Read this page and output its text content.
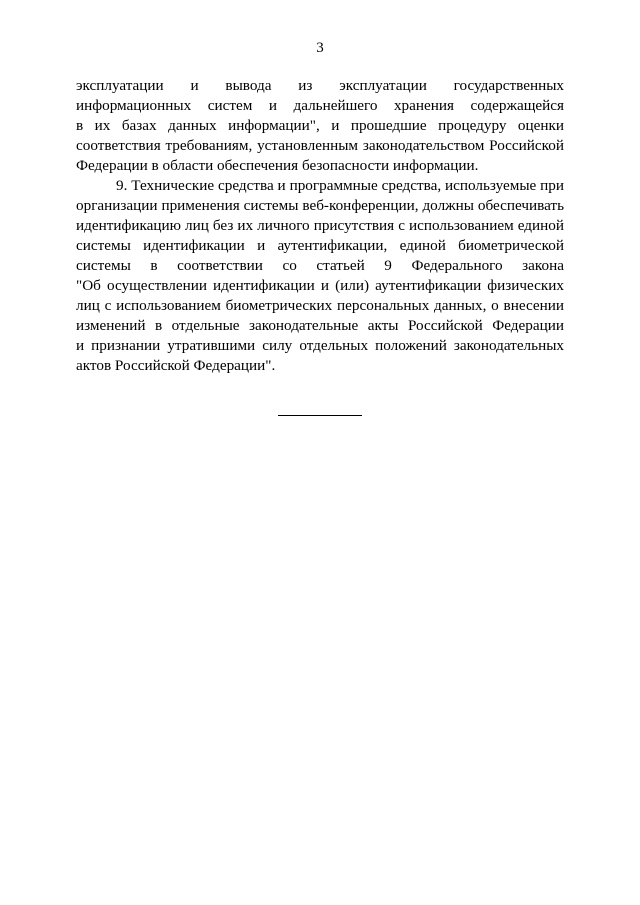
3
эксплуатации и вывода из эксплуатации государственных
информационных систем и дальнейшего хранения содержащейся
в их базах данных информации", и прошедшие процедуру оценки
соответствия требованиям, установленным законодательством Российской
Федерации в области обеспечения безопасности информации.
9. Технические средства и программные средства, используемые при
организации применения системы веб-конференции, должны обеспечивать
идентификацию лиц без их личного присутствия с использованием единой
системы идентификации и аутентификации, единой биометрической
системы в соответствии со статьей 9 Федерального закона
"Об осуществлении идентификации и (или) аутентификации физических
лиц с использованием биометрических персональных данных, о внесении
изменений в отдельные законодательные акты Российской Федерации
и признании утратившими силу отдельных положений законодательных
актов Российской Федерации".
